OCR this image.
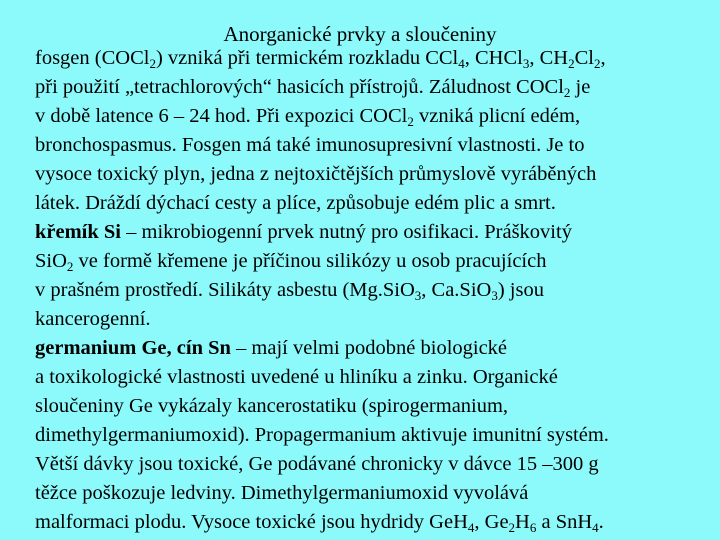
Anorganické prvky a sloučeniny
fosgen (COCl$_2$) vzniká při termickém rozkladu CCl$_4$, CHCl$_3$, $CH_2Cl_2$,
při použití „tetrachlorových“ hasicích přístrojů. Záludnost COCl$_2$ je
v době latence 6 – 24 hod. Při expozici COCl$_2$ vzniká plicní edém,
bronchospasmus. Fosgen má také imunosupresivní vlastnosti. Je to
vysoce toxický plyn, jedna z nejtoxičtějších průmyslově vyráběných
látek. Dráždí dýchací cesty a plíce, způsobuje edém plic a smrt.
křemík Si – mikrobiogenní prvek nutný pro osifikaci. Práškovitý
SiO$_2$ ve formě křemene je příčinou silikózy u osob pracujících
v prašném prostředí. Silikáty asbestu (Mg.SiO$_3$, Ca.SiO$_3$) jsou
kancerogenní.
germanium Ge, cín Sn – mají velmi podobné biologické
a toxikologické vlastnosti uvedené u hliníku a zinku. Organické
sloučeniny Ge vykázaly kancerostatiku (spirogermanium,
dimethylgermaniumoxid). Propagermanium aktivuje imunitní systém.
Větší dávky jsou toxické, Ge podávané chronicky v dávce 15 –300 g
těžce poškozuje ledviny. Dimethylgermaniumoxid vyvolává
malformaci plodu. Vysoce toxické jsou hydridy GeH$_4$, $Ge_2H_6$ a SnH$_4$.
